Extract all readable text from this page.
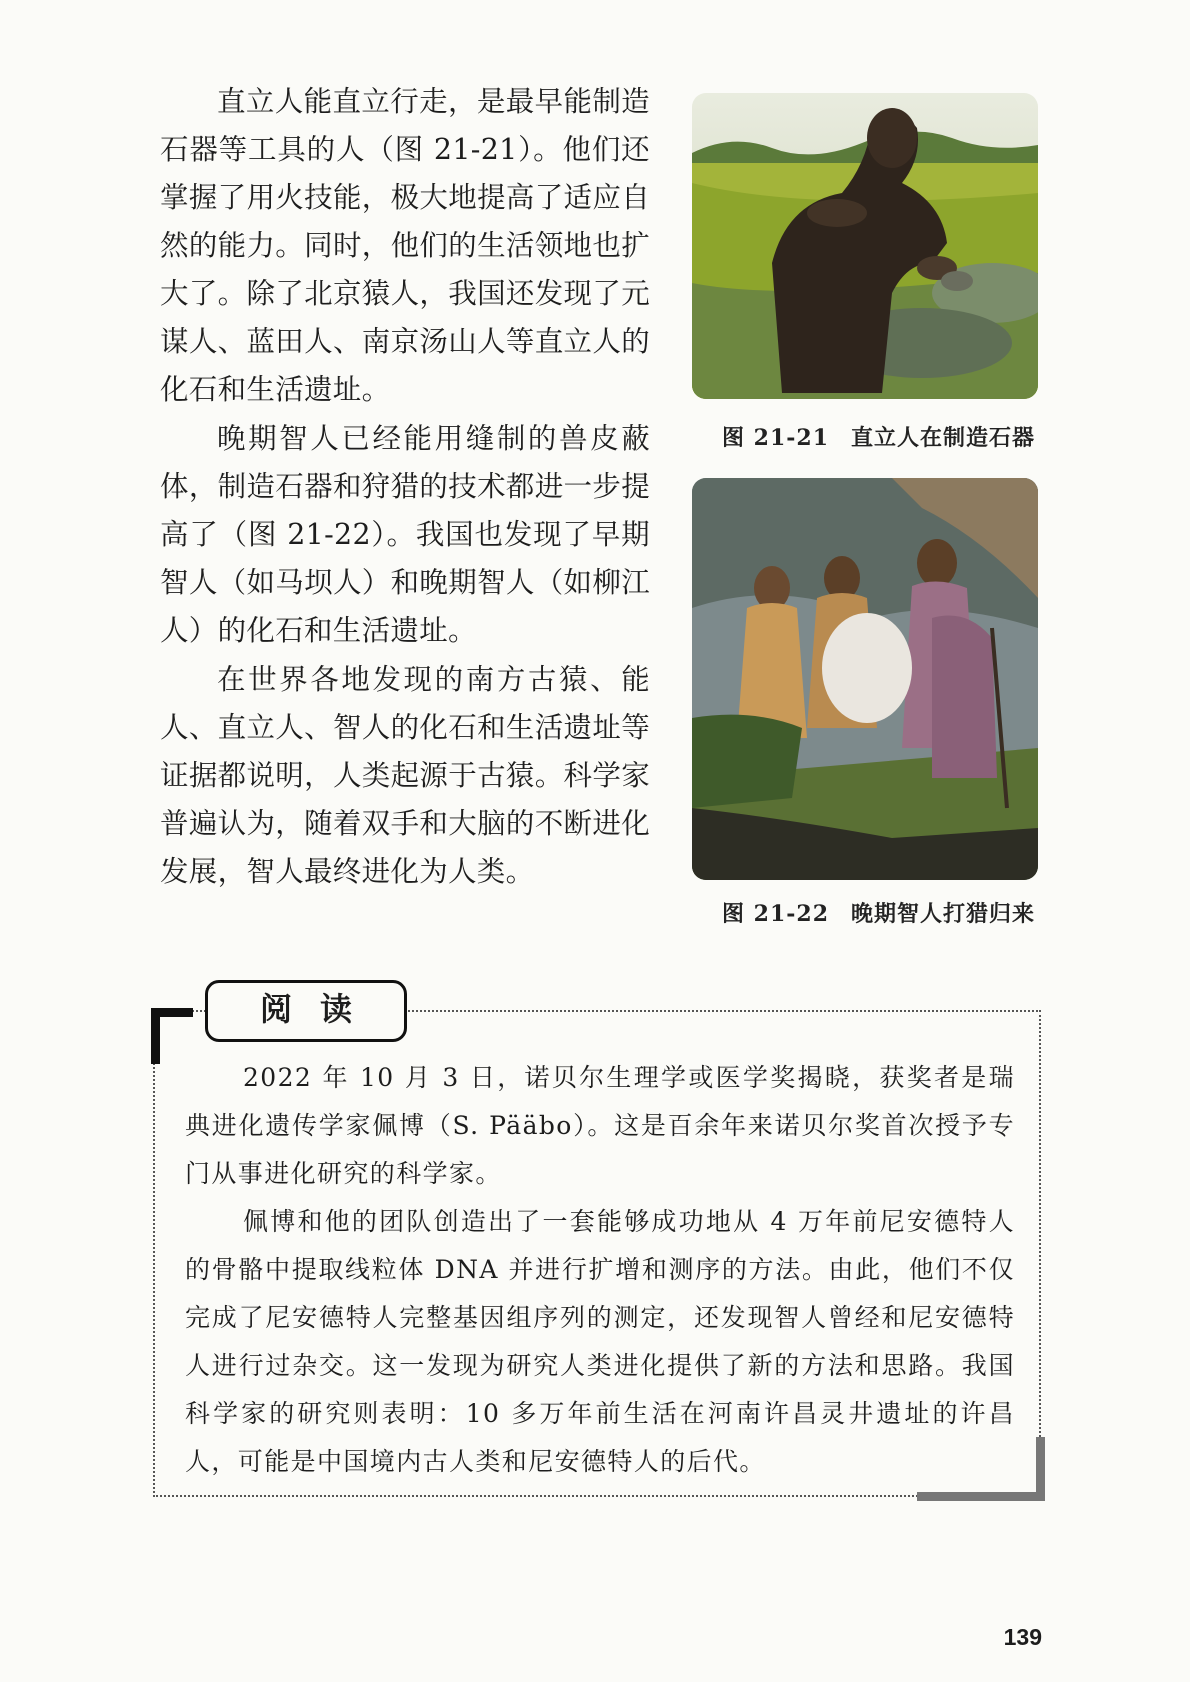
直立人能直立行走，是最早能制造石器等工具的人（图 21-21）。他们还掌握了用火技能，极大地提高了适应自然的能力。同时，他们的生活领地也扩大了。除了北京猿人，我国还发现了元谋人、蓝田人、南京汤山人等直立人的化石和生活遗址。

晚期智人已经能用缝制的兽皮蔽体，制造石器和狩猎的技术都进一步提高了（图 21-22）。我国也发现了早期智人（如马坝人）和晚期智人（如柳江人）的化石和生活遗址。

在世界各地发现的南方古猿、能人、直立人、智人的化石和生活遗址等证据都说明，人类起源于古猿。科学家普遍认为，随着双手和大脑的不断进化发展，智人最终进化为人类。

图 21-21 直立人在制造石器
图 21-22 晚期智人打猎归来
阅读

2022 年 10 月 3 日，诺贝尔生理学或医学奖揭晓，获奖者是瑞典进化遗传学家佩博（S. Pääbo）。这是百余年来诺贝尔奖首次授予专门从事进化研究的科学家。

佩博和他的团队创造出了一套能够成功地从 4 万年前尼安德特人的骨骼中提取线粒体 DNA 并进行扩增和测序的方法。由此，他们不仅完成了尼安德特人完整基因组序列的测定，还发现智人曾经和尼安德特人进行过杂交。这一发现为研究人类进化提供了新的方法和思路。我国科学家的研究则表明：10 多万年前生活在河南许昌灵井遗址的许昌人，可能是中国境内古人类和尼安德特人的后代。

139
